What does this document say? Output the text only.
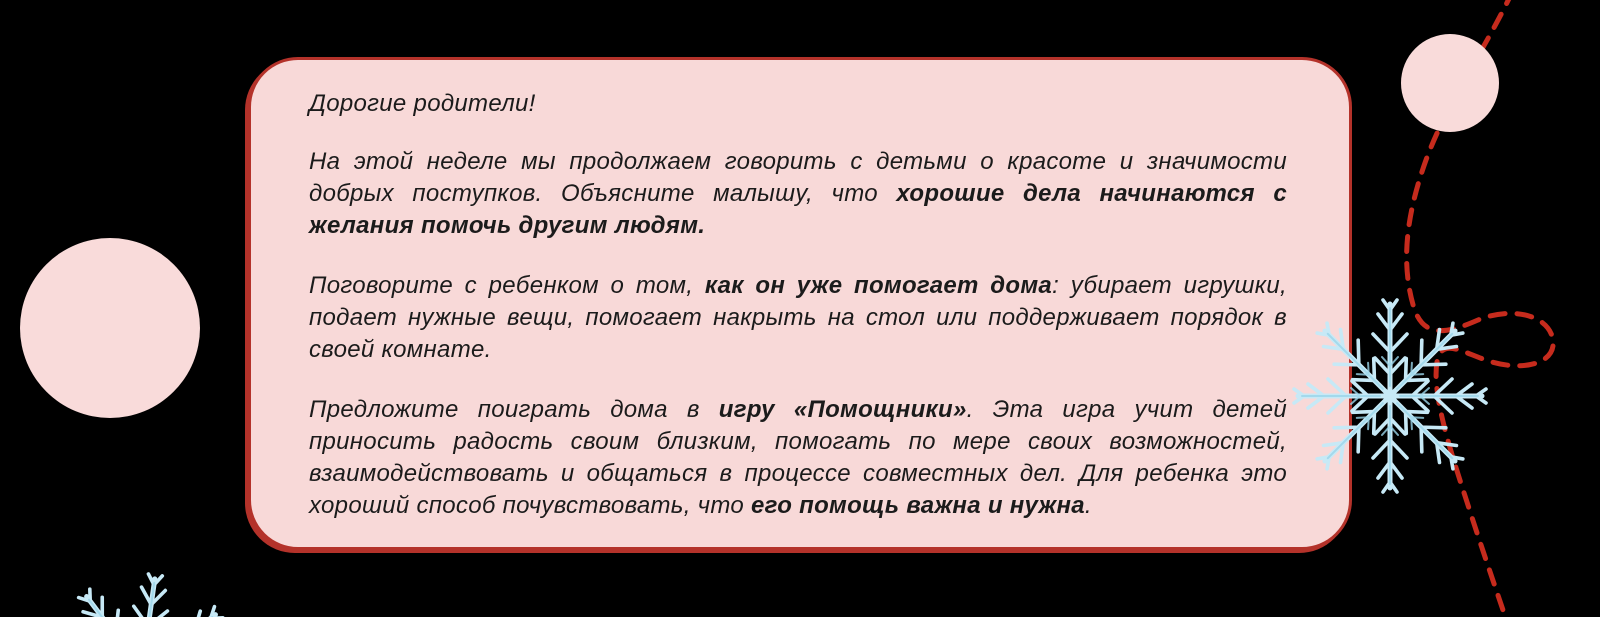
Дорогие родители!

На этой неделе мы продолжаем говорить с детьми о красоте и значимости добрых поступков. Объясните малышу, что хорошие дела начинаются с желания помочь другим людям.

Поговорите с ребенком о том, как он уже помогает дома: убирает игрушки, подает нужные вещи, помогает накрыть на стол или поддерживает порядок в своей комнате.

Предложите поиграть дома в игру «Помощники». Эта игра учит детей приносить радость своим близким, помогать по мере своих возможностей, взаимодействовать и общаться в процессе совместных дел. Для ребенка это хороший способ почувствовать, что его помощь важна и нужна.
